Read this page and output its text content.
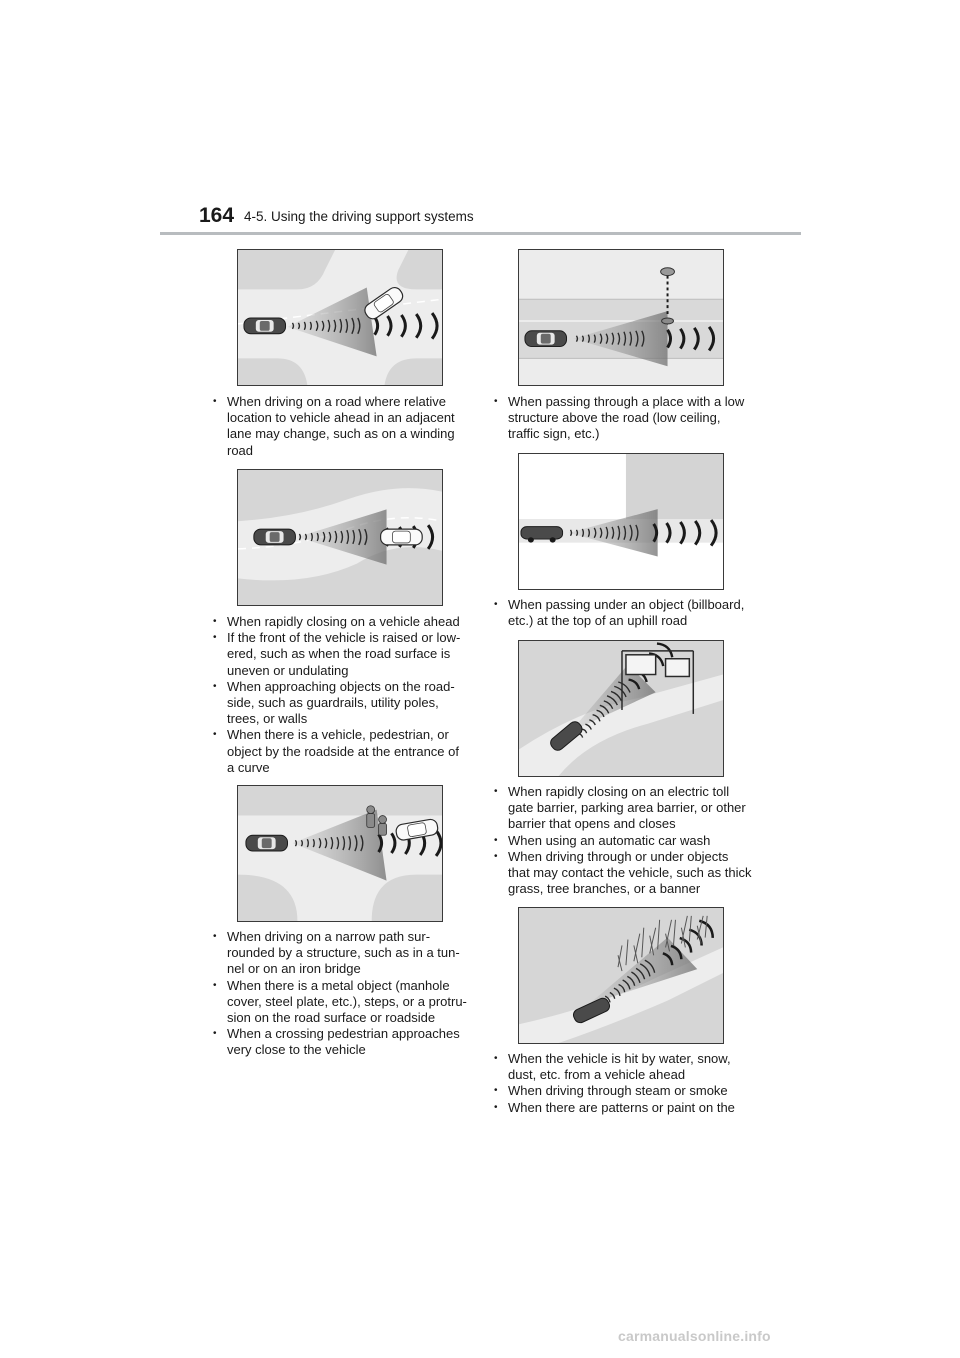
164 4-5. Using the driving support systems
• When driving on a road where relative location to vehicle ahead in an adjacent lane may change, such as on a winding road
• When rapidly closing on a vehicle ahead
• If the front of the vehicle is raised or low-ered, such as when the road surface is uneven or undulating
• When approaching objects on the road-side, such as guardrails, utility poles, trees, or walls
• When there is a vehicle, pedestrian, or object by the roadside at the entrance of a curve
• When driving on a narrow path sur-rounded by a structure, such as in a tun-nel or on an iron bridge
• When there is a metal object (manhole cover, steel plate, etc.), steps, or a protru-sion on the road surface or roadside
• When a crossing pedestrian approaches very close to the vehicle
• When passing through a place with a low structure above the road (low ceiling, traffic sign, etc.)
• When passing under an object (billboard, etc.) at the top of an uphill road
• When rapidly closing on an electric toll gate barrier, parking area barrier, or other barrier that opens and closes
• When using an automatic car wash
• When driving through or under objects that may contact the vehicle, such as thick grass, tree branches, or a banner
• When the vehicle is hit by water, snow, dust, etc. from a vehicle ahead
• When driving through steam or smoke
• When there are patterns or paint on the
carmanualsonline.info
